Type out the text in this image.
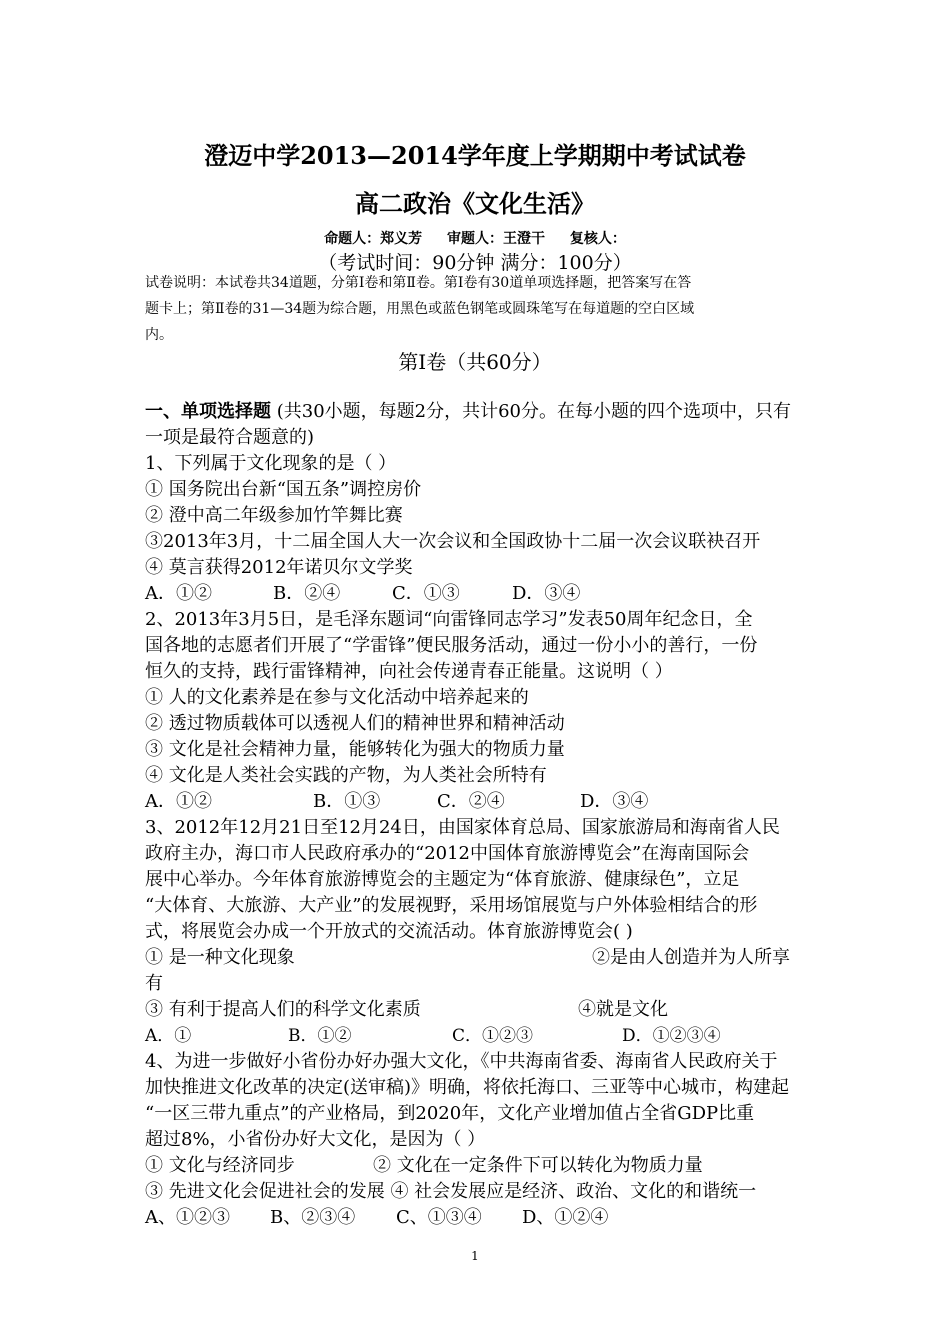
澄迈中学2013—2014学年度上学期期中考试试卷
高二政治《文化生活》
命题人：郑义芳 审题人：王澄干 复核人：
（考试时间：90分钟 满分：100分）
试卷说明：本试卷共34道题，分第Ⅰ卷和第Ⅱ卷。第Ⅰ卷有30道单项选择题，把答案写在答
题卡上；第Ⅱ卷的31—34题为综合题，用黑色或蓝色钢笔或圆珠笔写在每道题的空白区域
内。
第Ⅰ卷（共60分）
一、单项选择题 (共30小题，每题2分，共计60分。在每小题的四个选项中，只有
一项是最符合题意的)
1、下列属于文化现象的是（ ）
① 国务院出台新“国五条”调控房价
② 澄中高二年级参加竹竿舞比赛
③2013年3月，十二届全国人大一次会议和全国政协十二届一次会议联袂召开
④ 莫言获得2012年诺贝尔文学奖
A．①②	B．②④	C．①③	D．③④
2、2013年3月5日，是毛泽东题词“向雷锋同志学习”发表50周年纪念日，全
国各地的志愿者们开展了“学雷锋”便民服务活动，通过一份小小的善行，一份
恒久的支持，践行雷锋精神，向社会传递青春正能量。这说明（ ）
① 人的文化素养是在参与文化活动中培养起来的
② 透过物质载体可以透视人们的精神世界和精神活动
③ 文化是社会精神力量，能够转化为强大的物质力量
④ 文化是人类社会实践的产物，为人类社会所特有
A．①②	B．①③	C．②④	D．③④
3、2012年12月21日至12月24日，由国家体育总局、国家旅游局和海南省人民
政府主办，海口市人民政府承办的“2012中国体育旅游博览会”在海南国际会
展中心举办。今年体育旅游博览会的主题定为“体育旅游、健康绿色”，立足
“大体育、大旅游、大产业”的发展视野，采用场馆展览与户外体验相结合的形
式，将展览会办成一个开放式的交流活动。体育旅游博览会( )
① 是一种文化现象	②是由人创造并为人所享
有
③ 有利于提高人们的科学文化素质	④就是文化
A．①	B．①②	C．①②③	D．①②③④
4、为进一步做好小省份办好办强大文化，《中共海南省委、海南省人民政府关于
加快推进文化改革的决定(送审稿)》明确，将依托海口、三亚等中心城市，构建起
“一区三带九重点”的产业格局，到2020年，文化产业增加值占全省GDP比重
超过8%，小省份办好大文化，是因为（ ）
① 文化与经济同步	② 文化在一定条件下可以转化为物质力量
③ 先进文化会促进社会的发展 ④ 社会发展应是经济、政治、文化的和谐统一
A、①②③ B、②③④ C、①③④ D、①②④
1
